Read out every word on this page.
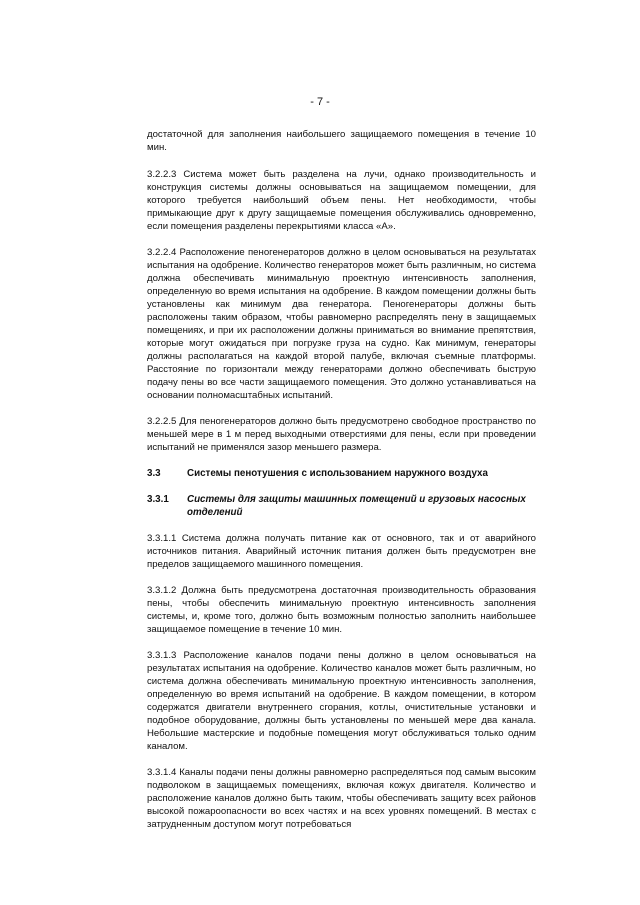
- 7 -

достаточной для заполнения наибольшего защищаемого помещения в течение 10 мин.

3.2.2.3 Система может быть разделена на лучи, однако производительность и конструкция системы должны основываться на защищаемом помещении, для которого требуется наибольший объем пены. Нет необходимости, чтобы примыкающие друг к другу защищаемые помещения обслуживались одновременно, если помещения разделены перекрытиями класса «А».

3.2.2.4 Расположение пеногенераторов должно в целом основываться на результатах испытания на одобрение. Количество генераторов может быть различным, но система должна обеспечивать минимальную проектную интенсивность заполнения, определенную во время испытания на одобрение. В каждом помещении должны быть установлены как минимум два генератора. Пеногенераторы должны быть расположены таким образом, чтобы равномерно распределять пену в защищаемых помещениях, и при их расположении должны приниматься во внимание препятствия, которые могут ожидаться при погрузке груза на судно. Как минимум, генераторы должны располагаться на каждой второй палубе, включая съемные платформы. Расстояние по горизонтали между генераторами должно обеспечивать быструю подачу пены во все части защищаемого помещения. Это должно устанавливаться на основании полномасштабных испытаний.

3.2.2.5 Для пеногенераторов должно быть предусмотрено свободное пространство по меньшей мере в 1 м перед выходными отверстиями для пены, если при проведении испытаний не применялся зазор меньшего размера.

3.3	Системы пенотушения с использованием наружного воздуха
3.3.1	Системы для защиты машинных помещений и грузовых насосных отделений

3.3.1.1 Система должна получать питание как от основного, так и от аварийного источников питания. Аварийный источник питания должен быть предусмотрен вне пределов защищаемого машинного помещения.

3.3.1.2 Должна быть предусмотрена достаточная производительность образования пены, чтобы обеспечить минимальную проектную интенсивность заполнения системы, и, кроме того, должно быть возможным полностью заполнить наибольшее защищаемое помещение в течение 10 мин.

3.3.1.3 Расположение каналов подачи пены должно в целом основываться на результатах испытания на одобрение. Количество каналов может быть различным, но система должна обеспечивать минимальную проектную интенсивность заполнения, определенную во время испытаний на одобрение. В каждом помещении, в котором содержатся двигатели внутреннего сгорания, котлы, очистительные установки и подобное оборудование, должны быть установлены по меньшей мере два канала. Небольшие мастерские и подобные помещения могут обслуживаться только одним каналом.

3.3.1.4 Каналы подачи пены должны равномерно распределяться под самым высоким подволоком в защищаемых помещениях, включая кожух двигателя. Количество и расположение каналов должно быть таким, чтобы обеспечивать защиту всех районов высокой пожароопасности во всех частях и на всех уровнях помещений. В местах с затрудненным доступом могут потребоваться
